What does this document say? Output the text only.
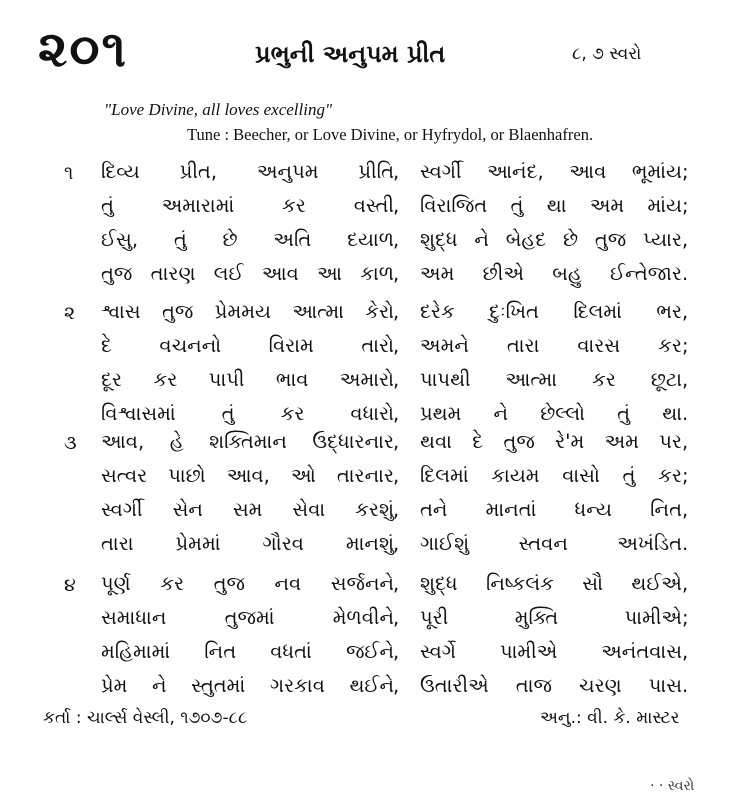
૨૦૧	પ્રભુની અનુપમ પ્રીત	૮, ૭ સ્વરો
"Love Divine, all loves excelling"
Tune : Beecher, or Love Divine, or Hyfrydol, or Blaenhafren.
૧ દિવ્ય પ્રીત, અનુપમ પ્રીતિ , સ્વર્ગી આનંદ, આવ ભૂમાંય ;
તું અમારામાં કર વસ્તી , વિરાજિત તું થા અમ માંય ;
ઈસુ, તું છે અતિ દયાળ , શુદ્ધ ને બેહદ છે તુજ પ્યાર ,
તુજ તારણ લઈ આવ આ કાળ , અમ છીએ બહુ ઈન્તેજાર .
૨ શ્વાસ તુજ પ્રેમમય આત્મા કેરો , દરેક દુઃખિત દિલમાં ભર ,
દે વચનનો વિરામ તારો , અમને તારા વારસ કર ;
દૂર કર પાપી ભાવ અમારો , પાપથી આત્મા કર છૂટા ,
વિશ્વાસમાં તું કર વધારો , પ્રથમ ને છેલ્લો તું થા .
૩ આવ, હે શક્તિમાન ઉદ્ધારનાર , થવા દે તુજ રે'મ અમ પર ,
સત્વર પાછો આવ, ઓ તારનાર , દિલમાં કાયમ વાસો તું કર ;
સ્વર્ગી સેન સમ સેવા કરશું , તને માનતાં ધન્ય નિત ,
તારા પ્રેમમાં ગૌરવ માનશું , ગાઈશું સ્તવન અખંડિત .
૪ પૂર્ણ કર તુજ નવ સર્જનને , શુદ્ધ નિષ્કલંક સૌ થઈએ ,
સમાધાન તુજમાં મેળવીને , પૂરી મુક્તિ પામીએ ;
મહિમામાં નિત વધતાં જઈને , સ્વર્ગે પામીએ અનંતવાસ ,
પ્રેમ ને સ્તુતમાં ગરકાવ થઈને , ઉતારીએ તાજ ચરણ પાસ .
કર્તા : ચાર્લ્સ વેસ્લી, ૧૭૦૭-૮૮	અનુ.: વી. કે. માસ્ટર
· · સ્વરો
